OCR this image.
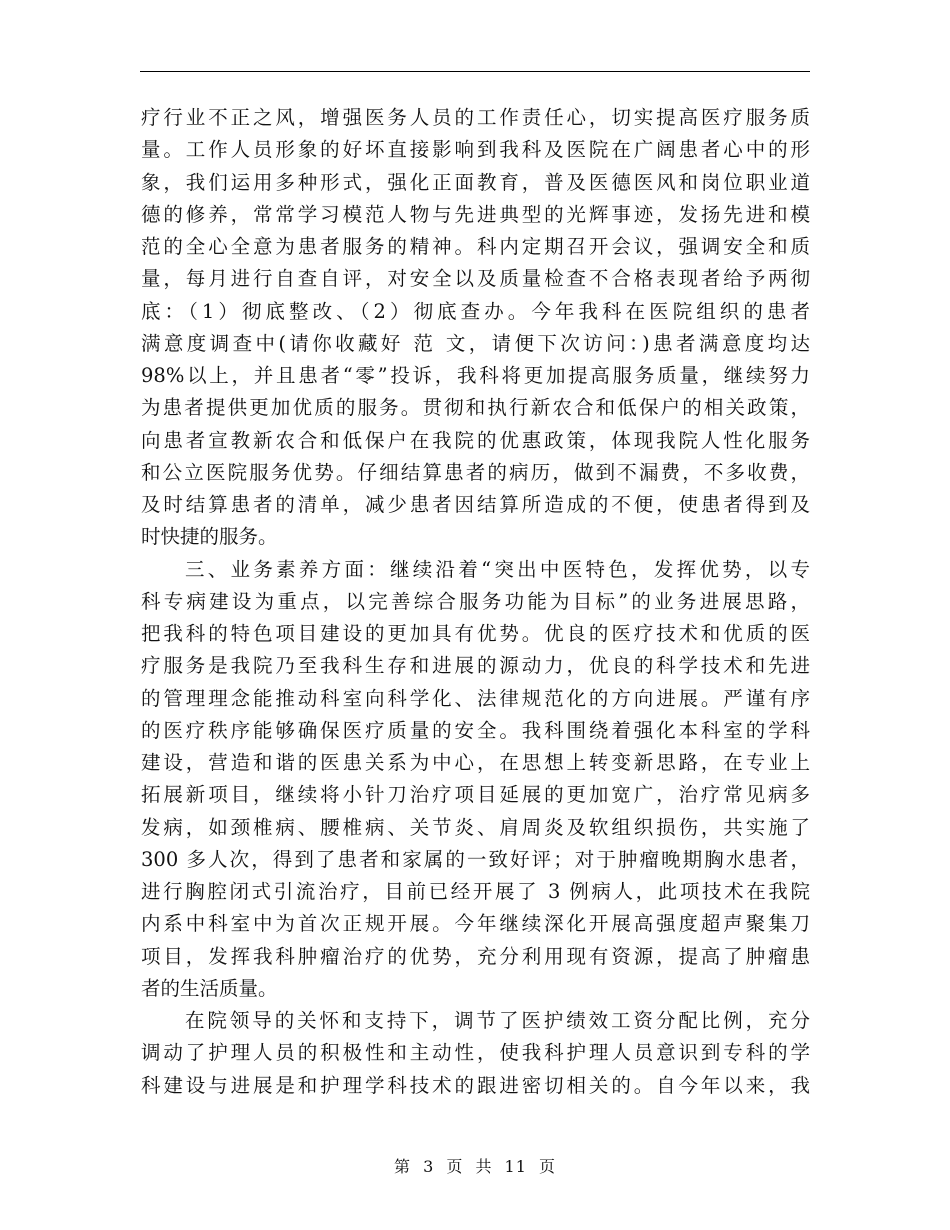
疗行业不正之风，增强医务人员的工作责任心，切实提高医疗服务质
量。工作人员形象的好坏直接影响到我科及医院在广阔患者心中的形
象，我们运用多种形式，强化正面教育，普及医德医风和岗位职业道
德的修养，常常学习模范人物与先进典型的光辉事迹，发扬先进和模
范的全心全意为患者服务的精神。科内定期召开会议，强调安全和质
量，每月进行自查自评，对安全以及质量检查不合格表现者给予两彻
底：（1）彻底整改、（2）彻底查办。今年我科在医院组织的患者
满意度调查中(请你收藏好 范 文，请便下次访问：)患者满意度均达
98%以上，并且患者“零”投诉，我科将更加提高服务质量，继续努力
为患者提供更加优质的服务。贯彻和执行新农合和低保户的相关政策，
向患者宣教新农合和低保户在我院的优惠政策，体现我院人性化服务
和公立医院服务优势。仔细结算患者的病历，做到不漏费，不多收费，
及时结算患者的清单，减少患者因结算所造成的不便，使患者得到及
时快捷的服务。
三、业务素养方面：继续沿着“突出中医特色，发挥优势，以专
科专病建设为重点，以完善综合服务功能为目标”的业务进展思路，
把我科的特色项目建设的更加具有优势。优良的医疗技术和优质的医
疗服务是我院乃至我科生存和进展的源动力，优良的科学技术和先进
的管理理念能推动科室向科学化、法律规范化的方向进展。严谨有序
的医疗秩序能够确保医疗质量的安全。我科围绕着强化本科室的学科
建设，营造和谐的医患关系为中心，在思想上转变新思路，在专业上
拓展新项目，继续将小针刀治疗项目延展的更加宽广，治疗常见病多
发病，如颈椎病、腰椎病、关节炎、肩周炎及软组织损伤，共实施了
300 多人次，得到了患者和家属的一致好评；对于肿瘤晚期胸水患者，
进行胸腔闭式引流治疗，目前已经开展了 3 例病人，此项技术在我院
内系中科室中为首次正规开展。今年继续深化开展高强度超声聚集刀
项目，发挥我科肿瘤治疗的优势，充分利用现有资源，提高了肿瘤患
者的生活质量。
在院领导的关怀和支持下，调节了医护绩效工资分配比例，充分
调动了护理人员的积极性和主动性，使我科护理人员意识到专科的学
科建设与进展是和护理学科技术的跟进密切相关的。自今年以来，我
第 3 页 共 11 页
